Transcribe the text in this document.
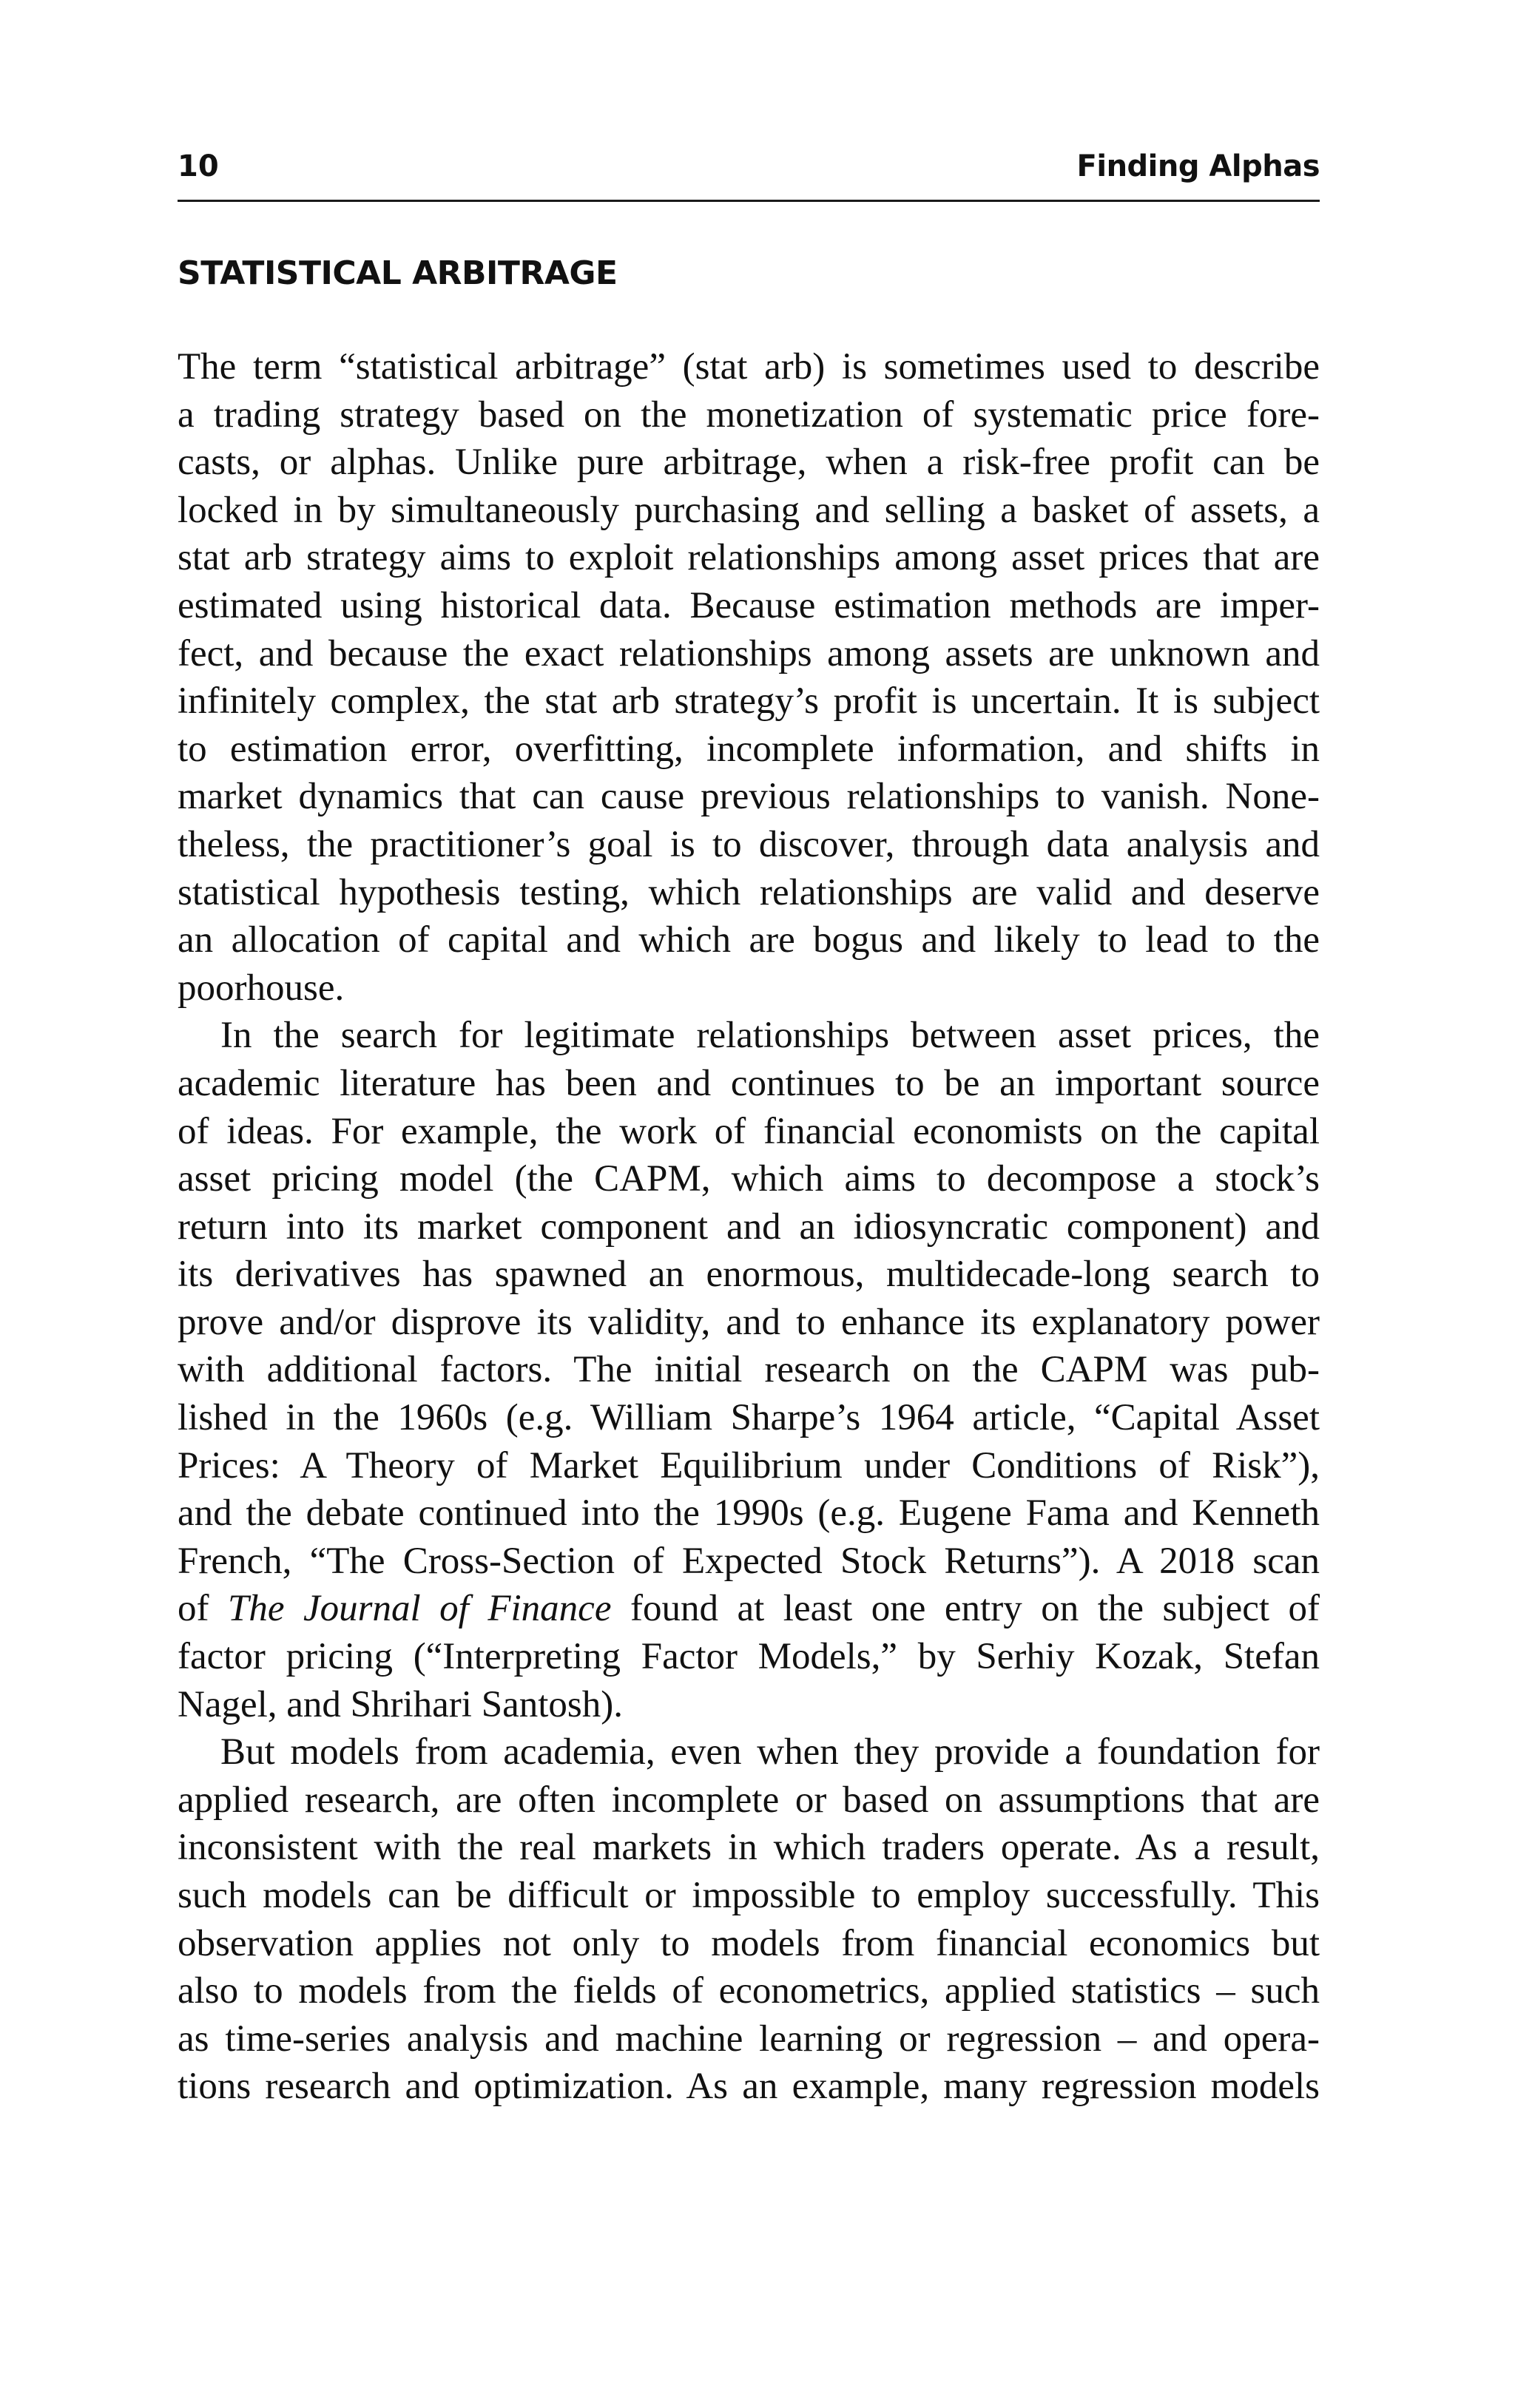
10	Finding Alphas
STATISTICAL ARBITRAGE
The term “statistical arbitrage” (stat arb) is sometimes used to describe
a trading strategy based on the monetization of systematic price fore-
casts, or alphas. Unlike pure arbitrage, when a risk-free profit can be
locked in by simultaneously purchasing and selling a basket of assets, a
stat arb strategy aims to exploit relationships among asset prices that are
estimated using historical data. Because estimation methods are imper-
fect, and because the exact relationships among assets are unknown and
infinitely complex, the stat arb strategy’s profit is uncertain. It is subject
to estimation error, overfitting, incomplete information, and shifts in
market dynamics that can cause previous relationships to vanish. None-
theless, the practitioner’s goal is to discover, through data analysis and
statistical hypothesis testing, which relationships are valid and deserve
an allocation of capital and which are bogus and likely to lead to the
poorhouse.
In the search for legitimate relationships between asset prices, the
academic literature has been and continues to be an important source
of ideas. For example, the work of financial economists on the capital
asset pricing model (the CAPM, which aims to decompose a stock’s
return into its market component and an idiosyncratic component) and
its derivatives has spawned an enormous, multidecade-long search to
prove and/or disprove its validity, and to enhance its explanatory power
with additional factors. The initial research on the CAPM was pub-
lished in the 1960s (e.g. William Sharpe’s 1964 article, “Capital Asset
Prices: A Theory of Market Equilibrium under Conditions of Risk”),
and the debate continued into the 1990s (e.g. Eugene Fama and Kenneth
French, “The Cross-Section of Expected Stock Returns”). A 2018 scan
of The Journal of Finance found at least one entry on the subject of
factor pricing (“Interpreting Factor Models,” by Serhiy Kozak, Stefan
Nagel, and Shrihari Santosh).
But models from academia, even when they provide a foundation for
applied research, are often incomplete or based on assumptions that are
inconsistent with the real markets in which traders operate. As a result,
such models can be difficult or impossible to employ successfully. This
observation applies not only to models from financial economics but
also to models from the fields of econometrics, applied statistics – such
as time-series analysis and machine learning or regression – and opera-
tions research and optimization. As an example, many regression models
